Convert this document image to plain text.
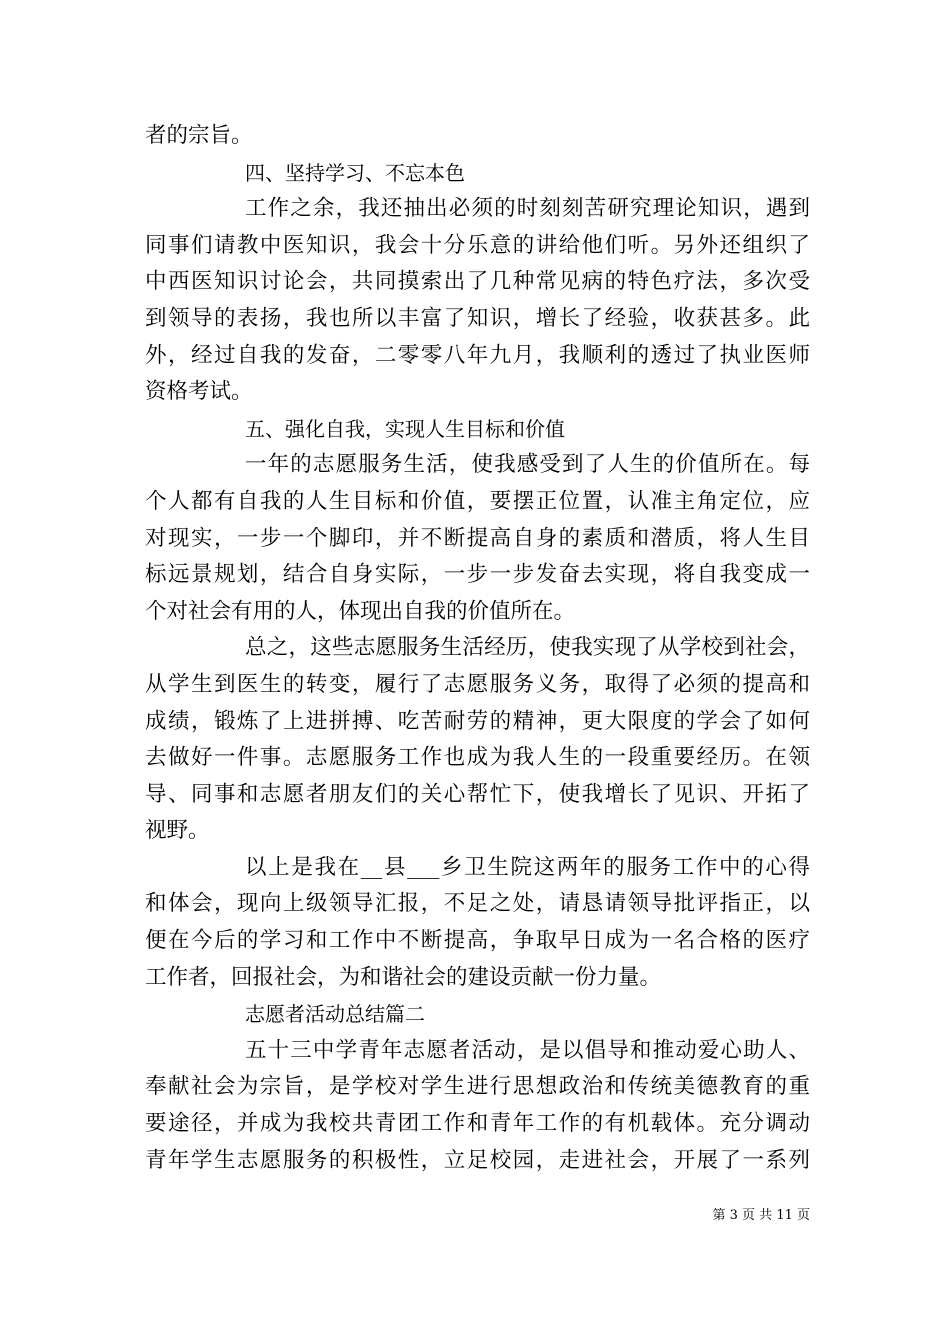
者的宗旨。
四、坚持学习、不忘本色
工作之余，我还抽出必须的时刻刻苦研究理论知识，遇到
同事们请教中医知识，我会十分乐意的讲给他们听。另外还组织了
中西医知识讨论会，共同摸索出了几种常见病的特色疗法，多次受
到领导的表扬，我也所以丰富了知识，增长了经验，收获甚多。此
外，经过自我的发奋，二零零八年九月，我顺利的透过了执业医师
资格考试。
五、强化自我，实现人生目标和价值
一年的志愿服务生活，使我感受到了人生的价值所在。每
个人都有自我的人生目标和价值，要摆正位置，认准主角定位，应
对现实，一步一个脚印，并不断提高自身的素质和潜质，将人生目
标远景规划，结合自身实际，一步一步发奋去实现，将自我变成一
个对社会有用的人，体现出自我的价值所在。
总之，这些志愿服务生活经历，使我实现了从学校到社会，
从学生到医生的转变，履行了志愿服务义务，取得了必须的提高和
成绩，锻炼了上进拼搏、吃苦耐劳的精神，更大限度的学会了如何
去做好一件事。志愿服务工作也成为我人生的一段重要经历。在领
导、同事和志愿者朋友们的关心帮忙下，使我增长了见识、开拓了
视野。
以上是我在__县___乡卫生院这两年的服务工作中的心得
和体会，现向上级领导汇报，不足之处，请恳请领导批评指正，以
便在今后的学习和工作中不断提高，争取早日成为一名合格的医疗
工作者，回报社会，为和谐社会的建设贡献一份力量。
志愿者活动总结篇二
五十三中学青年志愿者活动，是以倡导和推动爱心助人、
奉献社会为宗旨，是学校对学生进行思想政治和传统美德教育的重
要途径，并成为我校共青团工作和青年工作的有机载体。充分调动
青年学生志愿服务的积极性，立足校园，走进社会，开展了一系列
第 3 页 共 11 页
